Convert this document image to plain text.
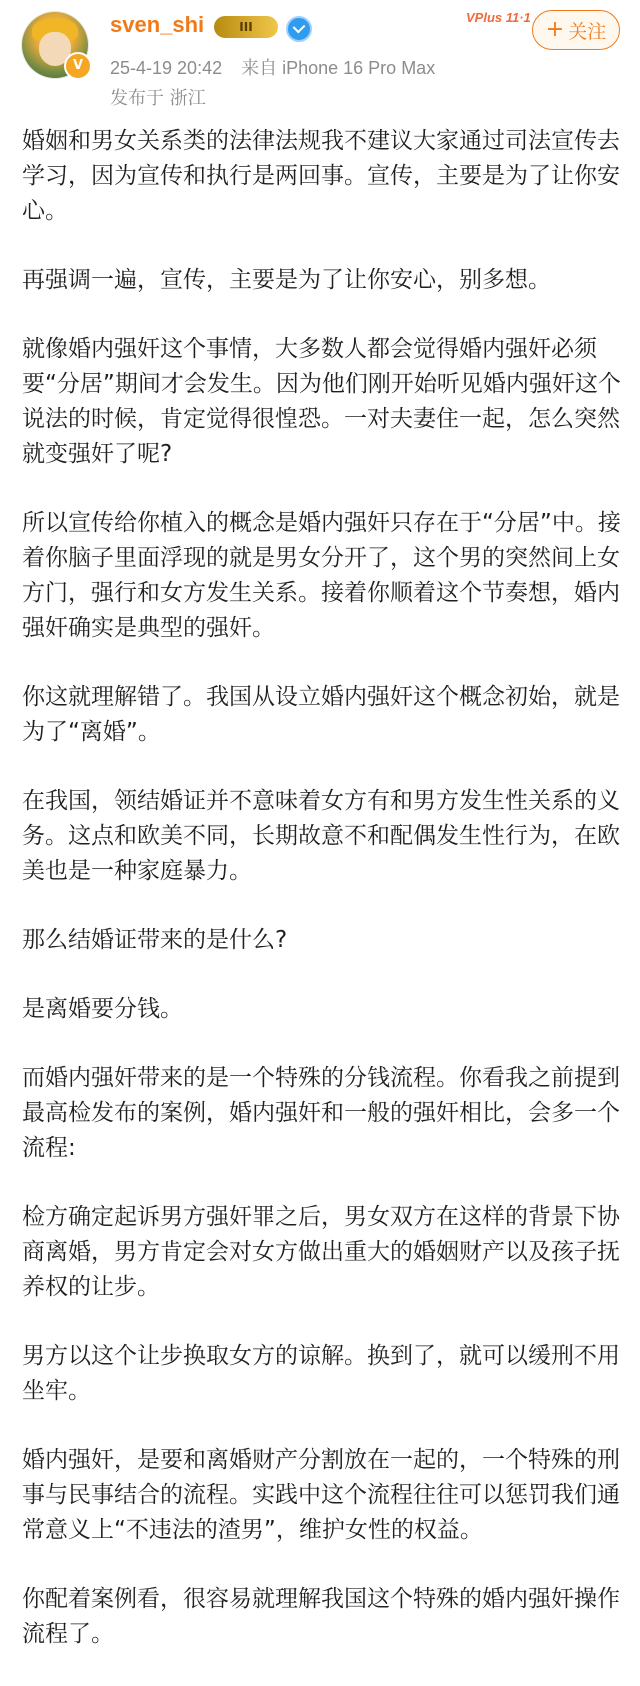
V
sven_shi	III
25-4-19 20:42 来自 iPhone 16 Pro Max
发布于 浙江
VPlus 11·1 + 关注

婚姻和男女关系类的法律法规我不建议大家通过司法宣传去学习，因为宣传和执行是两回事。宣传，主要是为了让你安心。

再强调一遍，宣传，主要是为了让你安心，别多想。

就像婚内强奸这个事情，大多数人都会觉得婚内强奸必须要“分居”期间才会发生。因为他们刚开始听见婚内强奸这个说法的时候，肯定觉得很惶恐。一对夫妻住一起，怎么突然就变强奸了呢?

所以宣传给你植入的概念是婚内强奸只存在于“分居”中。接着你脑子里面浮现的就是男女分开了，这个男的突然间上女方门，强行和女方发生关系。接着你顺着这个节奏想，婚内强奸确实是典型的强奸。

你这就理解错了。我国从设立婚内强奸这个概念初始，就是为了“离婚”。

在我国，领结婚证并不意味着女方有和男方发生性关系的义务。这点和欧美不同，长期故意不和配偶发生性行为，在欧美也是一种家庭暴力。

那么结婚证带来的是什么?

是离婚要分钱。

而婚内强奸带来的是一个特殊的分钱流程。你看我之前提到最高检发布的案例，婚内强奸和一般的强奸相比，会多一个流程:

检方确定起诉男方强奸罪之后，男女双方在这样的背景下协商离婚，男方肯定会对女方做出重大的婚姻财产以及孩子抚养权的让步。

男方以这个让步换取女方的谅解。换到了，就可以缓刑不用坐牢。

婚内强奸，是要和离婚财产分割放在一起的，一个特殊的刑事与民事结合的流程。实践中这个流程往往可以惩罚我们通常意义上“不违法的渣男”，维护女性的权益。

你配着案例看，很容易就理解我国这个特殊的婚内强奸操作流程了。
